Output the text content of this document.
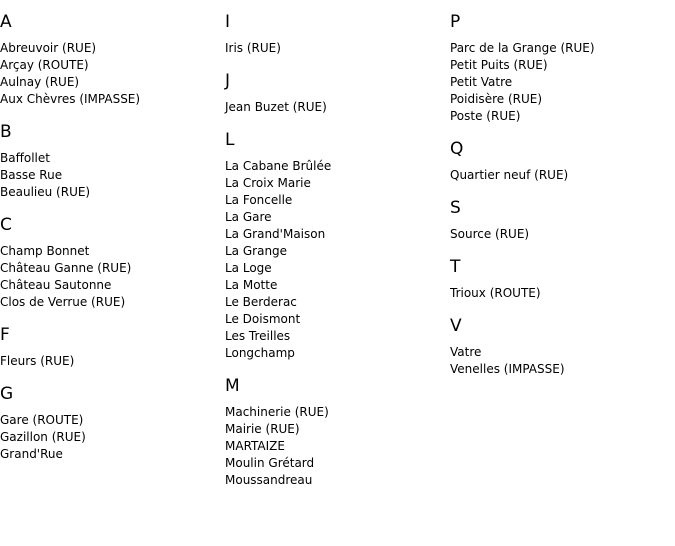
A
Abreuvoir (RUE)
Arçay (ROUTE)
Aulnay (RUE)
Aux Chèvres (IMPASSE)
B
Baffollet
Basse Rue
Beaulieu (RUE)
C
Champ Bonnet
Château Ganne (RUE)
Château Sautonne
Clos de Verrue (RUE)
F
Fleurs (RUE)
G
Gare (ROUTE)
Gazillon (RUE)
Grand'Rue
I
Iris (RUE)
J
Jean Buzet (RUE)
L
La Cabane Brûlée
La Croix Marie
La Foncelle
La Gare
La Grand'Maison
La Grange
La Loge
La Motte
Le Berderac
Le Doismont
Les Treilles
Longchamp
M
Machinerie (RUE)
Mairie (RUE)
MARTAIZE
Moulin Grétard
Moussandreau
P
Parc de la Grange (RUE)
Petit Puits (RUE)
Petit Vatre
Poidisère (RUE)
Poste (RUE)
Q
Quartier neuf (RUE)
S
Source (RUE)
T
Trioux (ROUTE)
V
Vatre
Venelles (IMPASSE)
